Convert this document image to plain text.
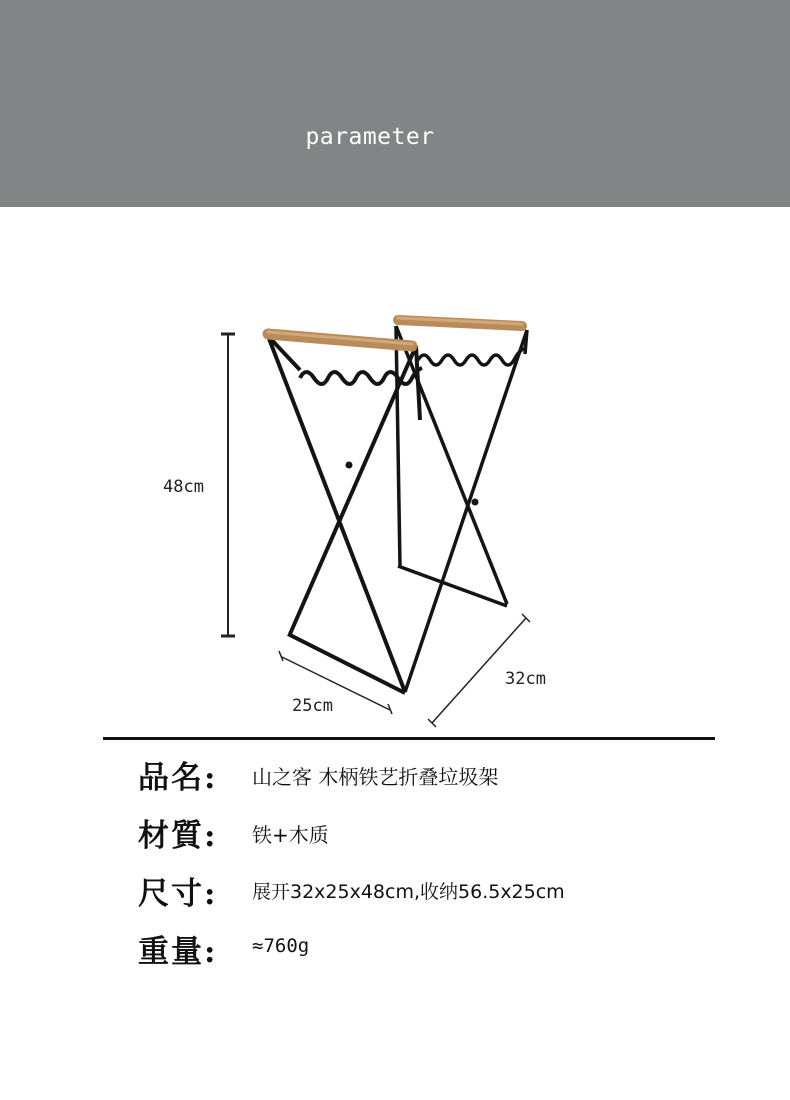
parameter
48cm
25cm
32cm
品名: 山之客 木柄铁艺折叠垃圾架
材質: 铁+木质
尺寸: 展开32x25x48cm,收纳56.5x25cm
重量: ≈760g
